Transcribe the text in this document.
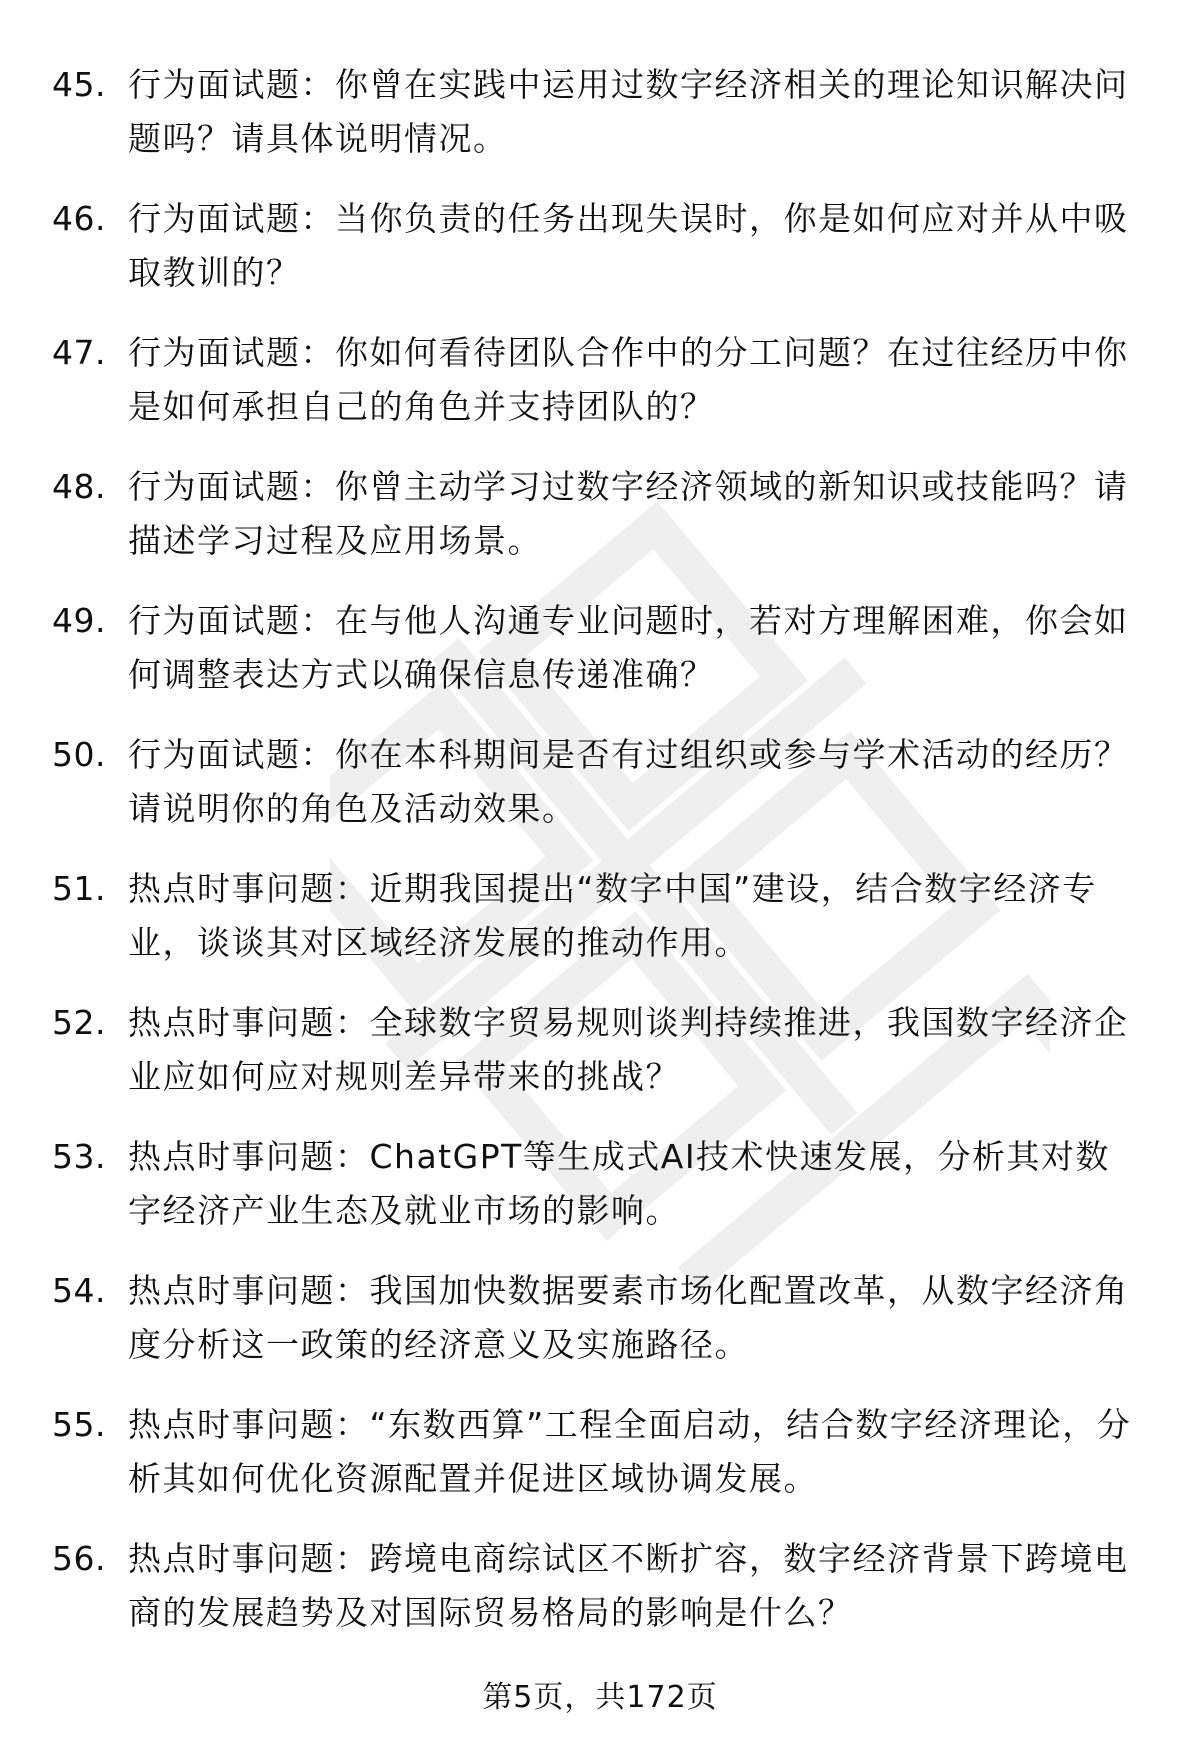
45. 行为面试题：你曾在实践中运用过数字经济相关的理论知识解决问题吗？请具体说明情况。
46. 行为面试题：当你负责的任务出现失误时，你是如何应对并从中吸取教训的？
47. 行为面试题：你如何看待团队合作中的分工问题？在过往经历中你是如何承担自己的角色并支持团队的？
48. 行为面试题：你曾主动学习过数字经济领域的新知识或技能吗？请描述学习过程及应用场景。
49. 行为面试题：在与他人沟通专业问题时，若对方理解困难，你会如何调整表达方式以确保信息传递准确？
50. 行为面试题：你在本科期间是否有过组织或参与学术活动的经历？请说明你的角色及活动效果。
51. 热点时事问题：近期我国提出“数字中国”建设，结合数字经济专业，谈谈其对区域经济发展的推动作用。
52. 热点时事问题：全球数字贸易规则谈判持续推进，我国数字经济企业应如何应对规则差异带来的挑战？
53. 热点时事问题：ChatGPT等生成式AI技术快速发展，分析其对数字经济产业生态及就业市场的影响。
54. 热点时事问题：我国加快数据要素市场化配置改革，从数字经济角度分析这一政策的经济意义及实施路径。
55. 热点时事问题：“东数西算”工程全面启动，结合数字经济理论，分析其如何优化资源配置并促进区域协调发展。
56. 热点时事问题：跨境电商综试区不断扩容，数字经济背景下跨境电商的发展趋势及对国际贸易格局的影响是什么？
第5页，共172页
